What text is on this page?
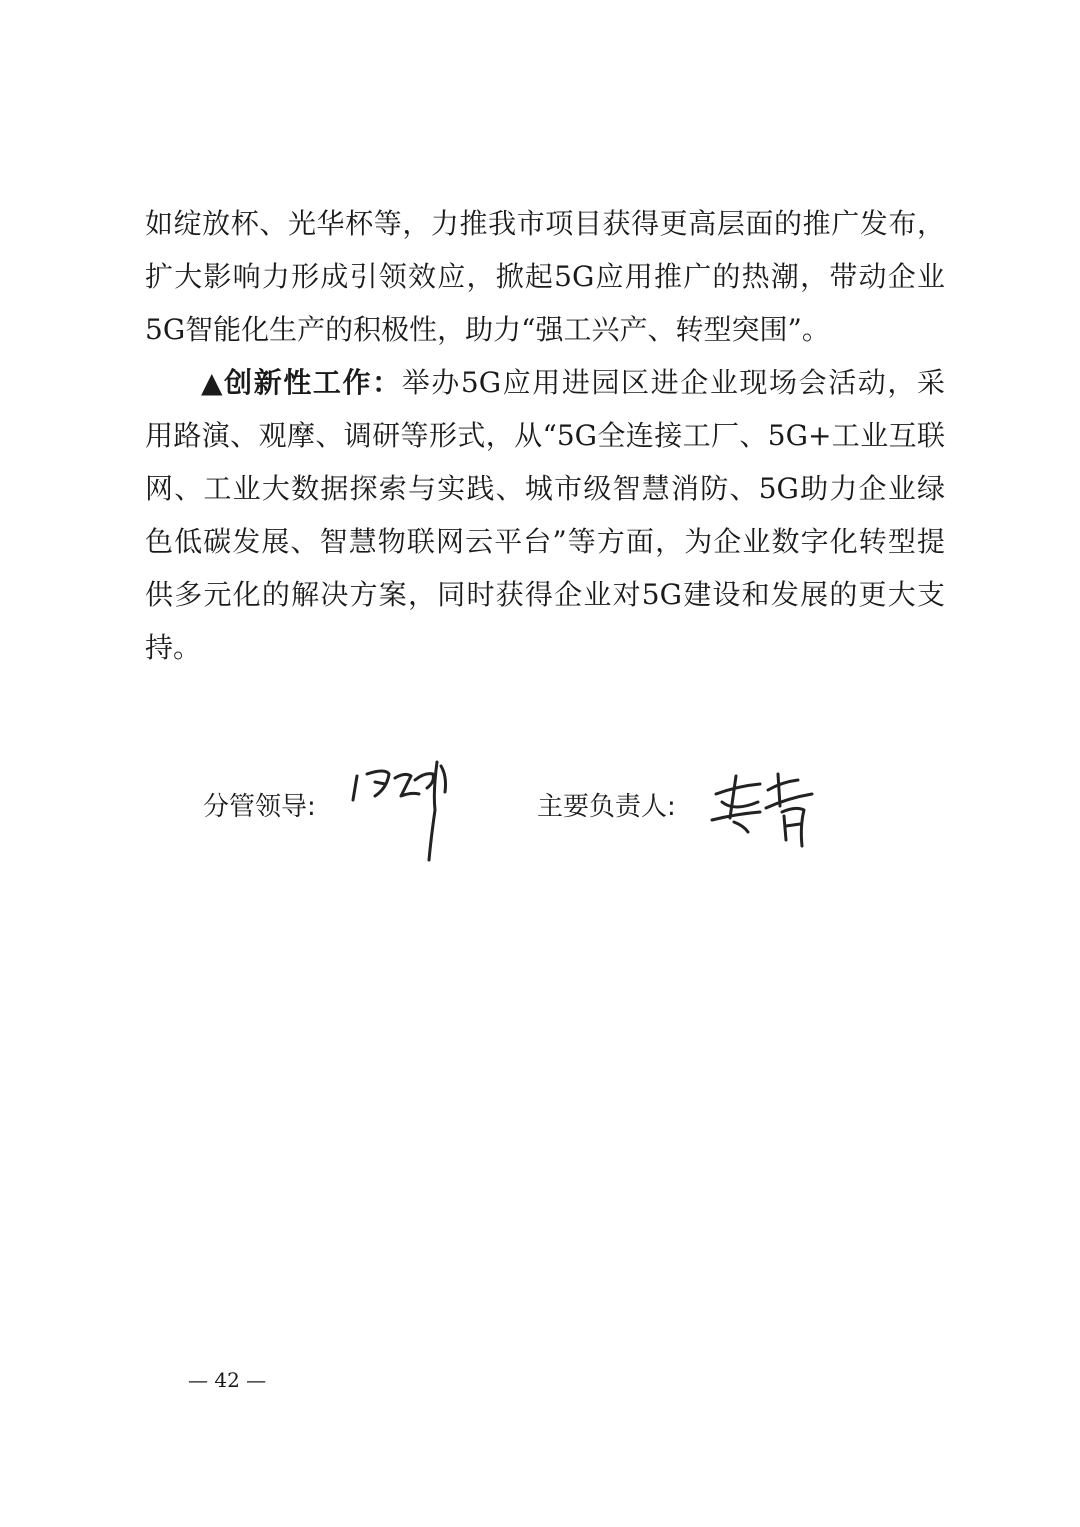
如绽放杯、光华杯等，力推我市项目获得更高层面的推广发布，
扩大影响力形成引领效应，掀起5G应用推广的热潮，带动企业
5G智能化生产的积极性，助力“强工兴产、转型突围”。
▲创新性工作：举办5G应用进园区进企业现场会活动，采
用路演、观摩、调研等形式，从“5G全连接工厂、5G+工业互联
网、工业大数据探索与实践、城市级智慧消防、5G助力企业绿
色低碳发展、智慧物联网云平台”等方面，为企业数字化转型提
供多元化的解决方案，同时获得企业对5G建设和发展的更大支
持。
分管领导:	主要负责人:
— 42 —
